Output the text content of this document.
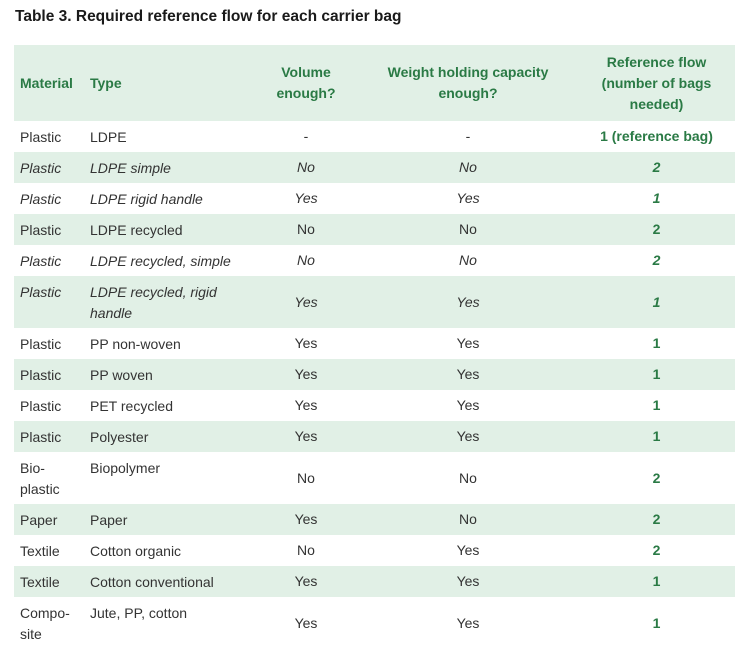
Table 3. Required reference flow for each carrier bag
Material	Type	Volume enough?	Weight holding capacity enough?	Reference flow (number of bags needed)
Plastic	LDPE	-	-	1 (reference bag)
Plastic	LDPE simple	No	No	2
Plastic	LDPE rigid handle	Yes	Yes	1
Plastic	LDPE recycled	No	No	2
Plastic	LDPE recycled, simple	No	No	2
Plastic	LDPE recycled, rigid handle	Yes	Yes	1
Plastic	PP non-woven	Yes	Yes	1
Plastic	PP woven	Yes	Yes	1
Plastic	PET recycled	Yes	Yes	1
Plastic	Polyester	Yes	Yes	1
Bio-plastic	Biopolymer	No	No	2
Paper	Paper	Yes	No	2
Textile	Cotton organic	No	Yes	2
Textile	Cotton conventional	Yes	Yes	1
Compo-site	Jute, PP, cotton	Yes	Yes	1
